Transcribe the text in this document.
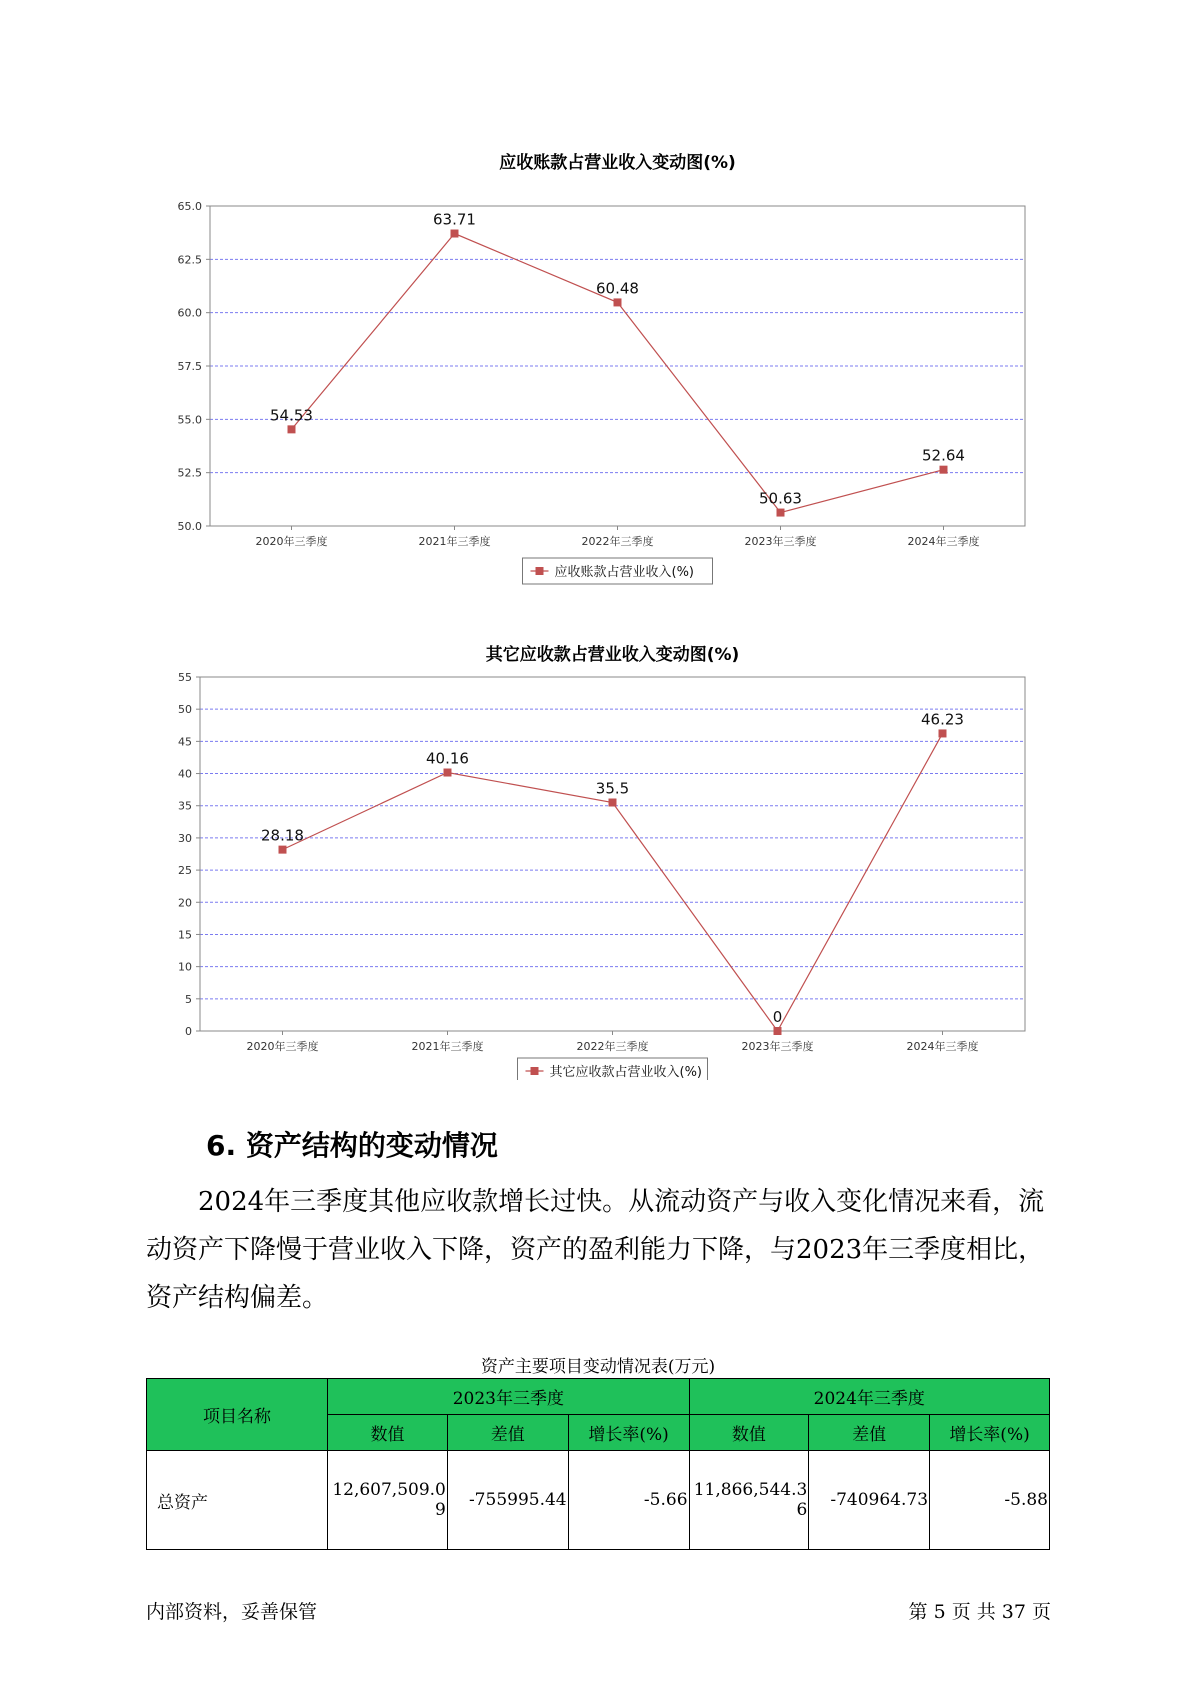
应收账款占营业收入变动图(%)
50.0
52.5
55.0
57.5
60.0
62.5
65.0
2020年三季度	2021年三季度	2022年三季度	2023年三季度	2024年三季度
54.53
63.71
60.48
50.63
52.64
应收账款占营业收入(%)
其它应收款占营业收入变动图(%)
0
5
10
15
20
25
30
35
40
45
50
55
2020年三季度	2021年三季度	2022年三季度	2023年三季度	2024年三季度
28.18
40.16
35.5
0
46.23
其它应收款占营业收入(%)
6. 资产结构的变动情况

2024年三季度其他应收款增长过快。从流动资产与收入变化情况来看，流动资产下降慢于营业收入下降，资产的盈利能力下降，与2023年三季度相比，资产结构偏差。

资产主要项目变动情况表(万元)
项目名称	2023年三季度			2024年三季度		
	数值	差值	增长率(%)	数值	差值	增长率(%)
总资产	12,607,509.09	-755995.44	-5.66	11,866,544.36	-740964.73	-5.88
内部资料，妥善保管	第 5 页 共 37 页
